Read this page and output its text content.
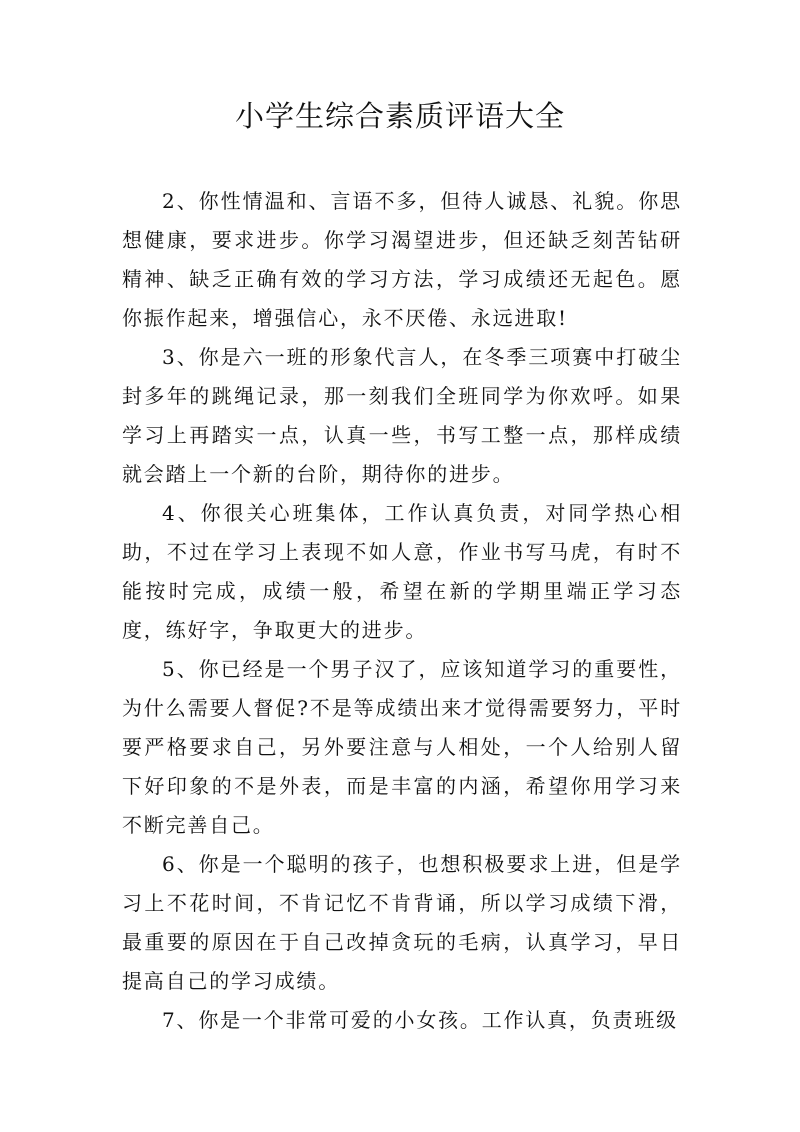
小学生综合素质评语大全

2、你性情温和、言语不多，但待人诚恳、礼貌。你思想健康，要求进步。你学习渴望进步，但还缺乏刻苦钻研精神、缺乏正确有效的学习方法，学习成绩还无起色。愿你振作起来，增强信心，永不厌倦、永远进取!

3、你是六一班的形象代言人，在冬季三项赛中打破尘封多年的跳绳记录，那一刻我们全班同学为你欢呼。如果学习上再踏实一点，认真一些，书写工整一点，那样成绩就会踏上一个新的台阶，期待你的进步。

4、你很关心班集体，工作认真负责，对同学热心相助，不过在学习上表现不如人意，作业书写马虎，有时不能按时完成，成绩一般，希望在新的学期里端正学习态度，练好字，争取更大的进步。

5、你已经是一个男子汉了，应该知道学习的重要性，为什么需要人督促?不是等成绩出来才觉得需要努力，平时要严格要求自己，另外要注意与人相处，一个人给别人留下好印象的不是外表，而是丰富的内涵，希望你用学习来不断完善自己。

6、你是一个聪明的孩子，也想积极要求上进，但是学习上不花时间，不肯记忆不肯背诵，所以学习成绩下滑，最重要的原因在于自己改掉贪玩的毛病，认真学习，早日提高自己的学习成绩。

7、你是一个非常可爱的小女孩。工作认真，负责班级
